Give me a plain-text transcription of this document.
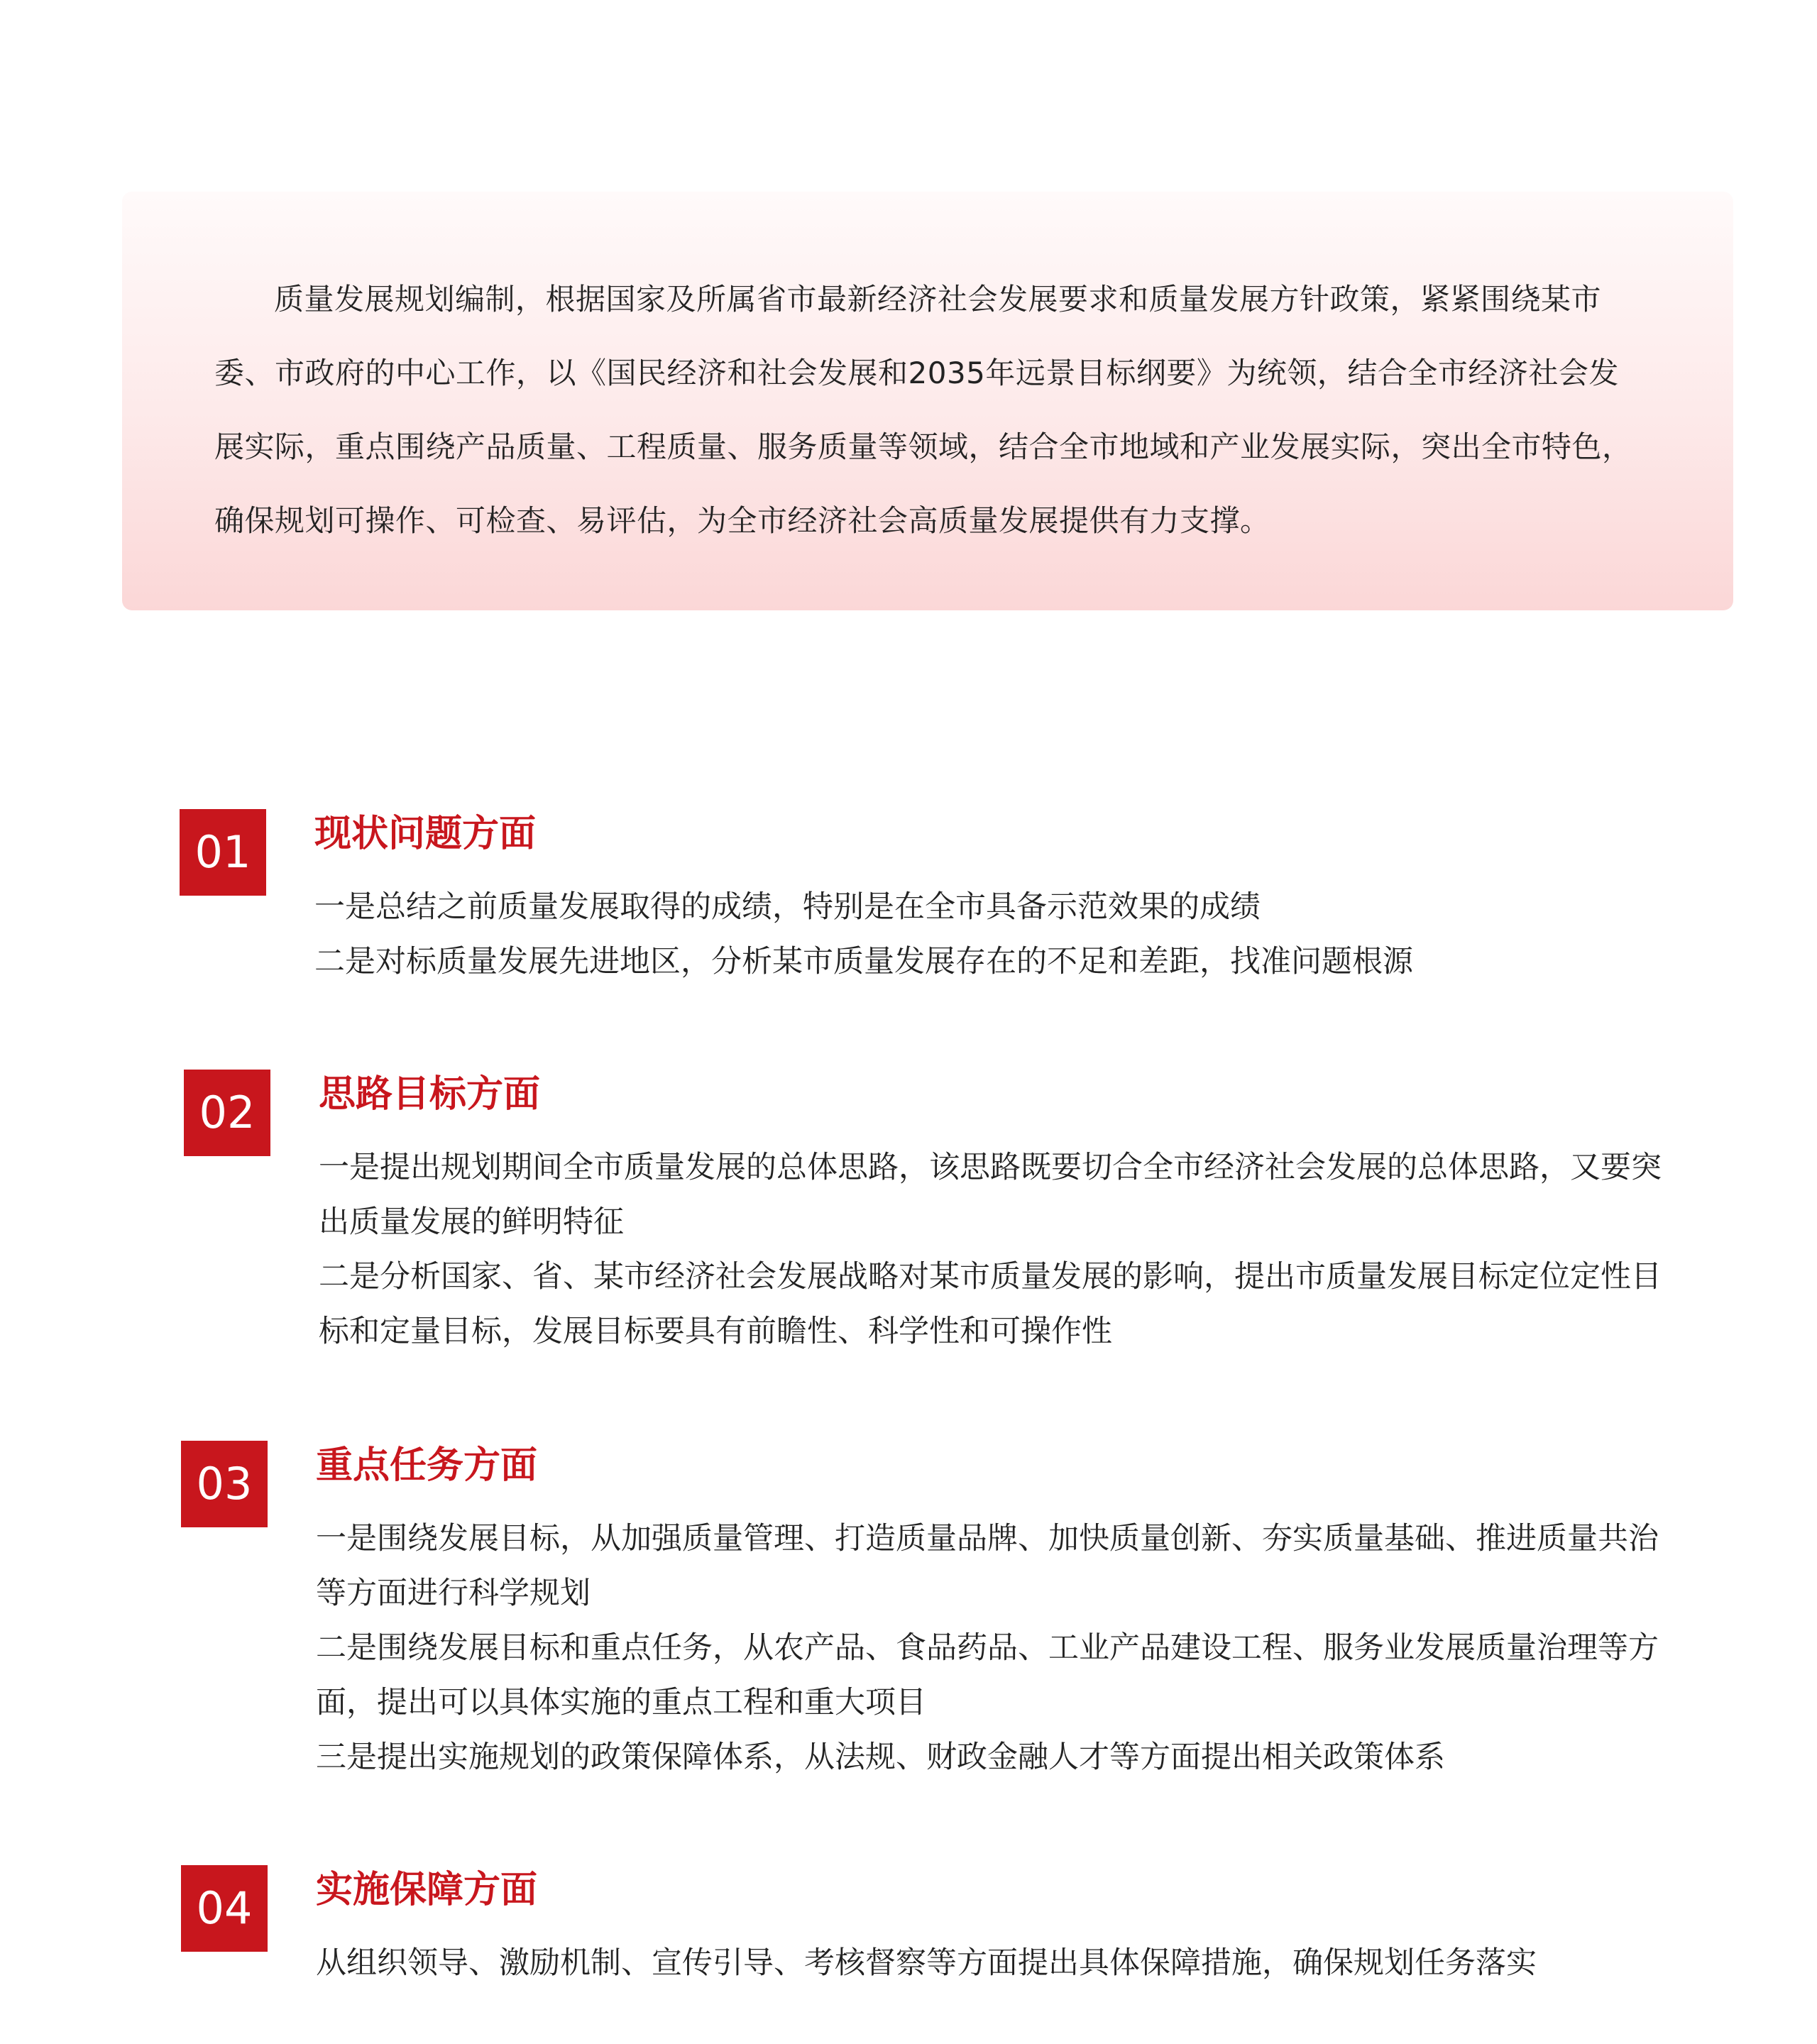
质量发展规划编制，根据国家及所属省市最新经济社会发展要求和质量发展方针政策，紧紧围绕某市委、市政府的中心工作，以《国民经济和社会发展和2035年远景目标纲要》为统领，结合全市经济社会发展实际，重点围绕产品质量、工程质量、服务质量等领域，结合全市地域和产业发展实际，突出全市特色，确保规划可操作、可检查、易评估，为全市经济社会高质量发展提供有力支撑。

01	现状问题方面

一是总结之前质量发展取得的成绩，特别是在全市具备示范效果的成绩

二是对标质量发展先进地区，分析某市质量发展存在的不足和差距，找准问题根源

02	思路目标方面

一是提出规划期间全市质量发展的总体思路，该思路既要切合全市经济社会发展的总体思路，又要突出质量发展的鲜明特征

二是分析国家、省、某市经济社会发展战略对某市质量发展的影响，提出市质量发展目标定位定性目标和定量目标，发展目标要具有前瞻性、科学性和可操作性

03	重点任务方面

一是围绕发展目标，从加强质量管理、打造质量品牌、加快质量创新、夯实质量基础、推进质量共治等方面进行科学规划

二是围绕发展目标和重点任务，从农产品、食品药品、工业产品建设工程、服务业发展质量治理等方面，提出可以具体实施的重点工程和重大项目

三是提出实施规划的政策保障体系，从法规、财政金融人才等方面提出相关政策体系

04	实施保障方面

从组织领导、激励机制、宣传引导、考核督察等方面提出具体保障措施，确保规划任务落实
